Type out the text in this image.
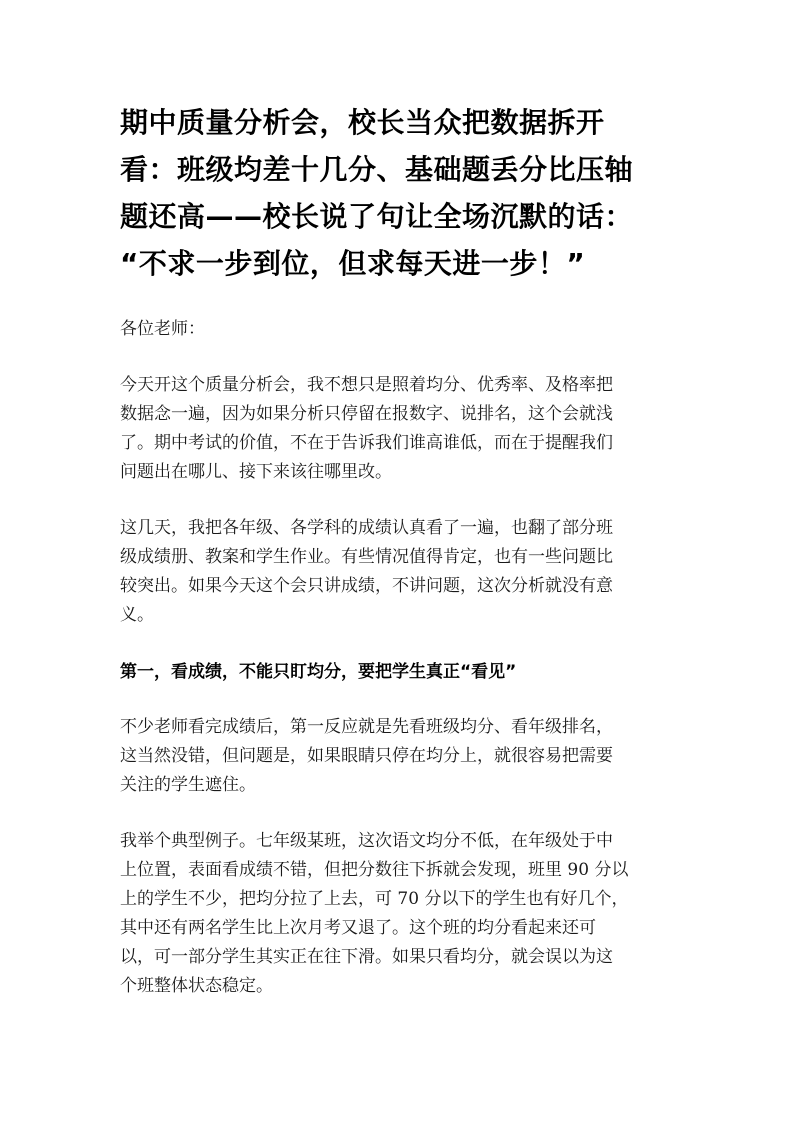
期中质量分析会，校长当众把数据拆开
看：班级均差十几分、基础题丢分比压轴
题还高——校长说了句让全场沉默的话：
“不求一步到位，但求每天进一步！”

各位老师：

今天开这个质量分析会，我不想只是照着均分、优秀率、及格率把
数据念一遍，因为如果分析只停留在报数字、说排名，这个会就浅
了。期中考试的价值，不在于告诉我们谁高谁低，而在于提醒我们
问题出在哪儿、接下来该往哪里改。

这几天，我把各年级、各学科的成绩认真看了一遍，也翻了部分班
级成绩册、教案和学生作业。有些情况值得肯定，也有一些问题比
较突出。如果今天这个会只讲成绩，不讲问题，这次分析就没有意
义。

第一，看成绩，不能只盯均分，要把学生真正“看见”

不少老师看完成绩后，第一反应就是先看班级均分、看年级排名，
这当然没错，但问题是，如果眼睛只停在均分上，就很容易把需要
关注的学生遮住。

我举个典型例子。七年级某班，这次语文均分不低，在年级处于中
上位置，表面看成绩不错，但把分数往下拆就会发现，班里 90 分以
上的学生不少，把均分拉了上去，可 70 分以下的学生也有好几个，
其中还有两名学生比上次月考又退了。这个班的均分看起来还可
以，可一部分学生其实正在往下滑。如果只看均分，就会误以为这
个班整体状态稳定。
